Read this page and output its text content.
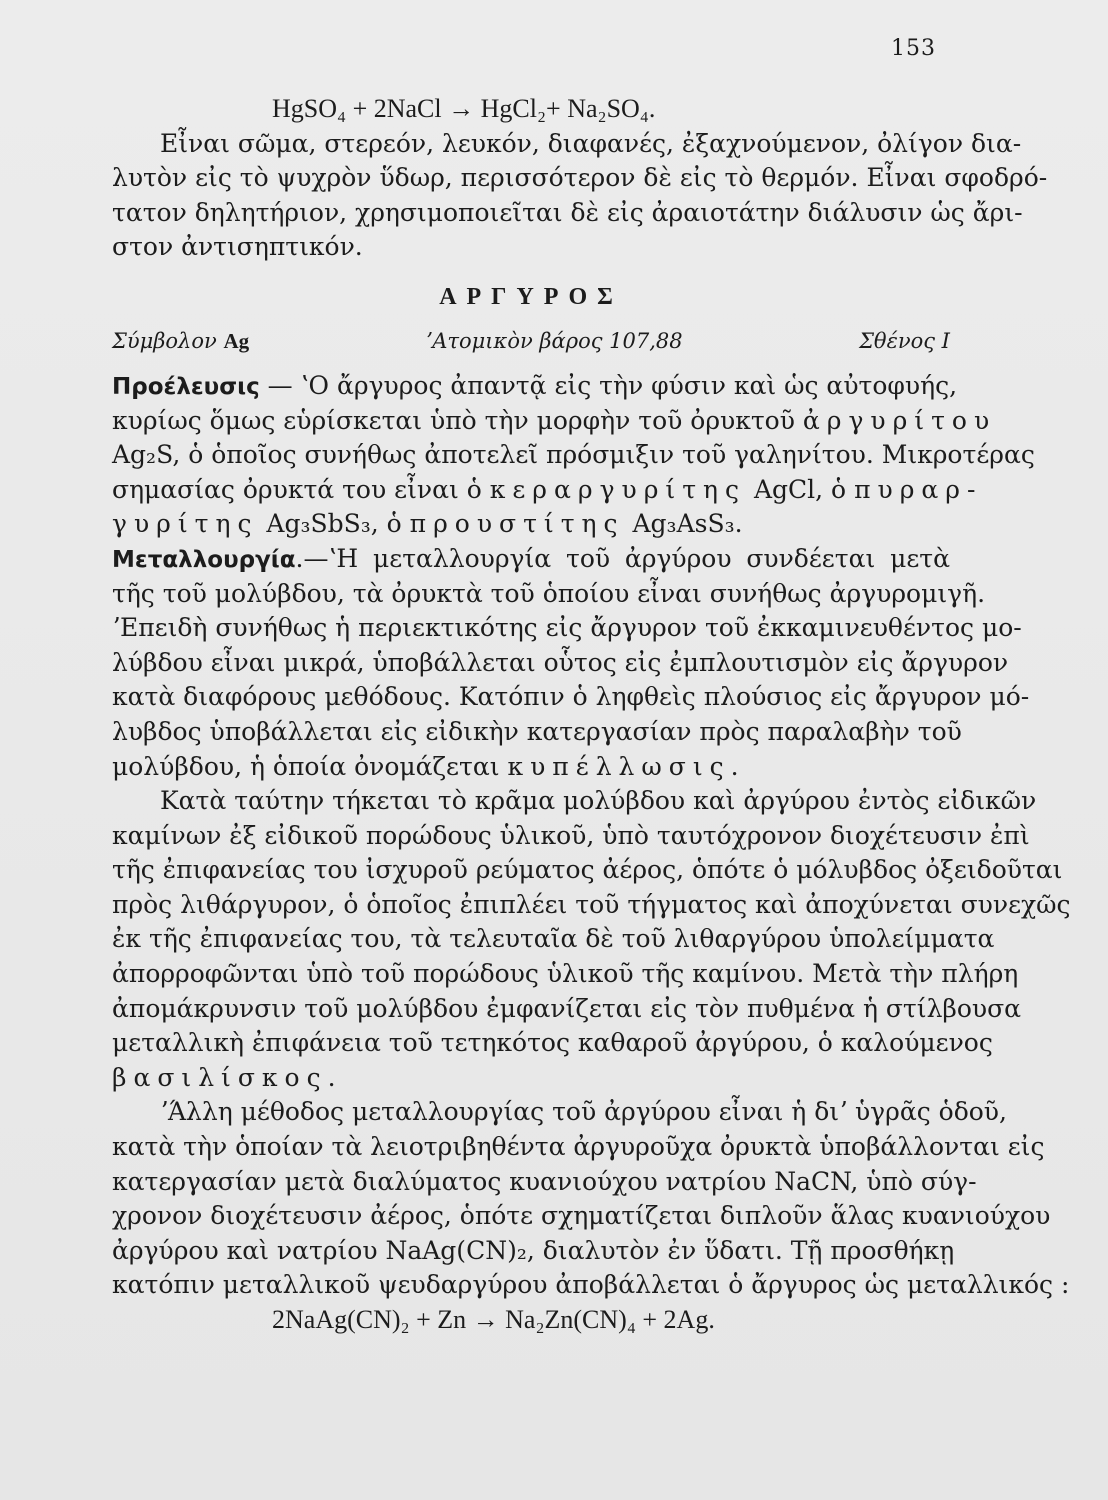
153
HgSO₄ + 2NaCl → HgCl₂+ Na₂SO₄.
Εἶναι σῶμα, στερεόν, λευκόν, διαφανές, ἐξαχνούμενον, ὀλίγον δια-
λυτὸν εἰς τὸ ψυχρὸν ὕδωρ, περισσότερον δὲ εἰς τὸ θερμόν. Εἶναι σφοδρό-
τατον δηλητήριον, χρησιμοποιεῖται δὲ εἰς ἀραιοτάτην διάλυσιν ὡς ἄρι-
στον ἀντισηπτικόν.
ΑΡΓΥΡΟΣ
Σύμβολον Ag	ʼΑτομικὸν βάρος 107,88	Σθένος I
Προέλευσις — ʽΟ ἄργυρος ἀπαντᾷ εἰς τὴν φύσιν καὶ ὡς αὐτοφυής,
κυρίως ὅμως εὑρίσκεται ὑπὸ τὴν μορφὴν τοῦ ὀρυκτοῦ ἀργυρίτου
Ag₂S, ὁ ὁποῖος συνήθως ἀποτελεῖ πρόσμιξιν τοῦ γαληνίτου. Μικροτέρας
σημασίας ὀρυκτά του εἶναι ὁ κεραργυρίτης AgCl, ὁ πυραρ-
γυρίτης Ag₃SbS₃, ὁ προυστίτης Ag₃AsS₃.
Μεταλλουργία.—ʽΗ μεταλλουργία τοῦ ἀργύρου συνδέεται μετὰ
τῆς τοῦ μολύβδου, τὰ ὀρυκτὰ τοῦ ὁποίου εἶναι συνήθως ἀργυρομιγῆ.
ʼΕπειδὴ συνήθως ἡ περιεκτικότης εἰς ἄργυρον τοῦ ἐκκαμινευθέντος μο-
λύβδου εἶναι μικρά, ὑποβάλλεται οὗτος εἰς ἐμπλουτισμὸν εἰς ἄργυρον
κατὰ διαφόρους μεθόδους. Κατόπιν ὁ ληφθεὶς πλούσιος εἰς ἄργυρον μό-
λυβδος ὑποβάλλεται εἰς εἰδικὴν κατεργασίαν πρὸς παραλαβὴν τοῦ
μολύβδου, ἡ ὁποία ὀνομάζεται κυπέλλωσις.
Κατὰ ταύτην τήκεται τὸ κρᾶμα μολύβδου καὶ ἀργύρου ἐντὸς εἰδικῶν
καμίνων ἐξ εἰδικοῦ πορώδους ὑλικοῦ, ὑπὸ ταυτόχρονον διοχέτευσιν ἐπὶ
τῆς ἐπιφανείας του ἰσχυροῦ ρεύματος ἀέρος, ὁπότε ὁ μόλυβδος ὀξειδοῦται
πρὸς λιθάργυρον, ὁ ὁποῖος ἐπιπλέει τοῦ τήγματος καὶ ἀποχύνεται συνεχῶς
ἐκ τῆς ἐπιφανείας του, τὰ τελευταῖα δὲ τοῦ λιθαργύρου ὑπολείμματα
ἀπορροφῶνται ὑπὸ τοῦ πορώδους ὑλικοῦ τῆς καμίνου. Μετὰ τὴν πλήρη
ἀπομάκρυνσιν τοῦ μολύβδου ἐμφανίζεται εἰς τὸν πυθμένα ἡ στίλβουσα
μεταλλικὴ ἐπιφάνεια τοῦ τετηκότος καθαροῦ ἀργύρου, ὁ καλούμενος
βασιλίσκος.
ʼΆλλη μέθοδος μεταλλουργίας τοῦ ἀργύρου εἶναι ἡ διʼ ὑγρᾶς ὁδοῦ,
κατὰ τὴν ὁποίαν τὰ λειοτριβηθέντα ἀργυροῦχα ὀρυκτὰ ὑποβάλλονται εἰς
κατεργασίαν μετὰ διαλύματος κυανιούχου νατρίου NaCN, ὑπὸ σύγ-
χρονον διοχέτευσιν ἀέρος, ὁπότε σχηματίζεται διπλοῦν ἅλας κυανιούχου
ἀργύρου καὶ νατρίου NaAg(CN)₂, διαλυτὸν ἐν ὕδατι. Τῇ προσθήκῃ
κατόπιν μεταλλικοῦ ψευδαργύρου ἀποβάλλεται ὁ ἄργυρος ὡς μεταλλικός :
2NaAg(CN)₂ + Zn → Na₂Zn(CN)₄ + 2Ag.
